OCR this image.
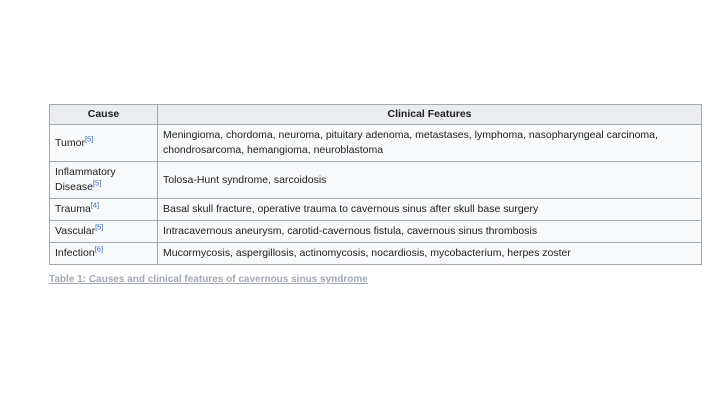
Cause	Clinical Features
Tumor[5]	Meningioma, chordoma, neuroma, pituitary adenoma, metastases, lymphoma, nasopharyngeal carcinoma, chondrosarcoma, hemangioma, neuroblastoma
Inflammatory
Disease[5]	Tolosa-Hunt syndrome, sarcoidosis
Trauma[4]	Basal skull fracture, operative trauma to cavernous sinus after skull base surgery
Vascular[5]	Intracavernous aneurysm, carotid-cavernous fistula, cavernous sinus thrombosis
Infection[6]	Mucormycosis, aspergillosis, actinomycosis, nocardiosis, mycobacterium, herpes zoster
Table 1: Causes and clinical features of cavernous sinus syndrome
